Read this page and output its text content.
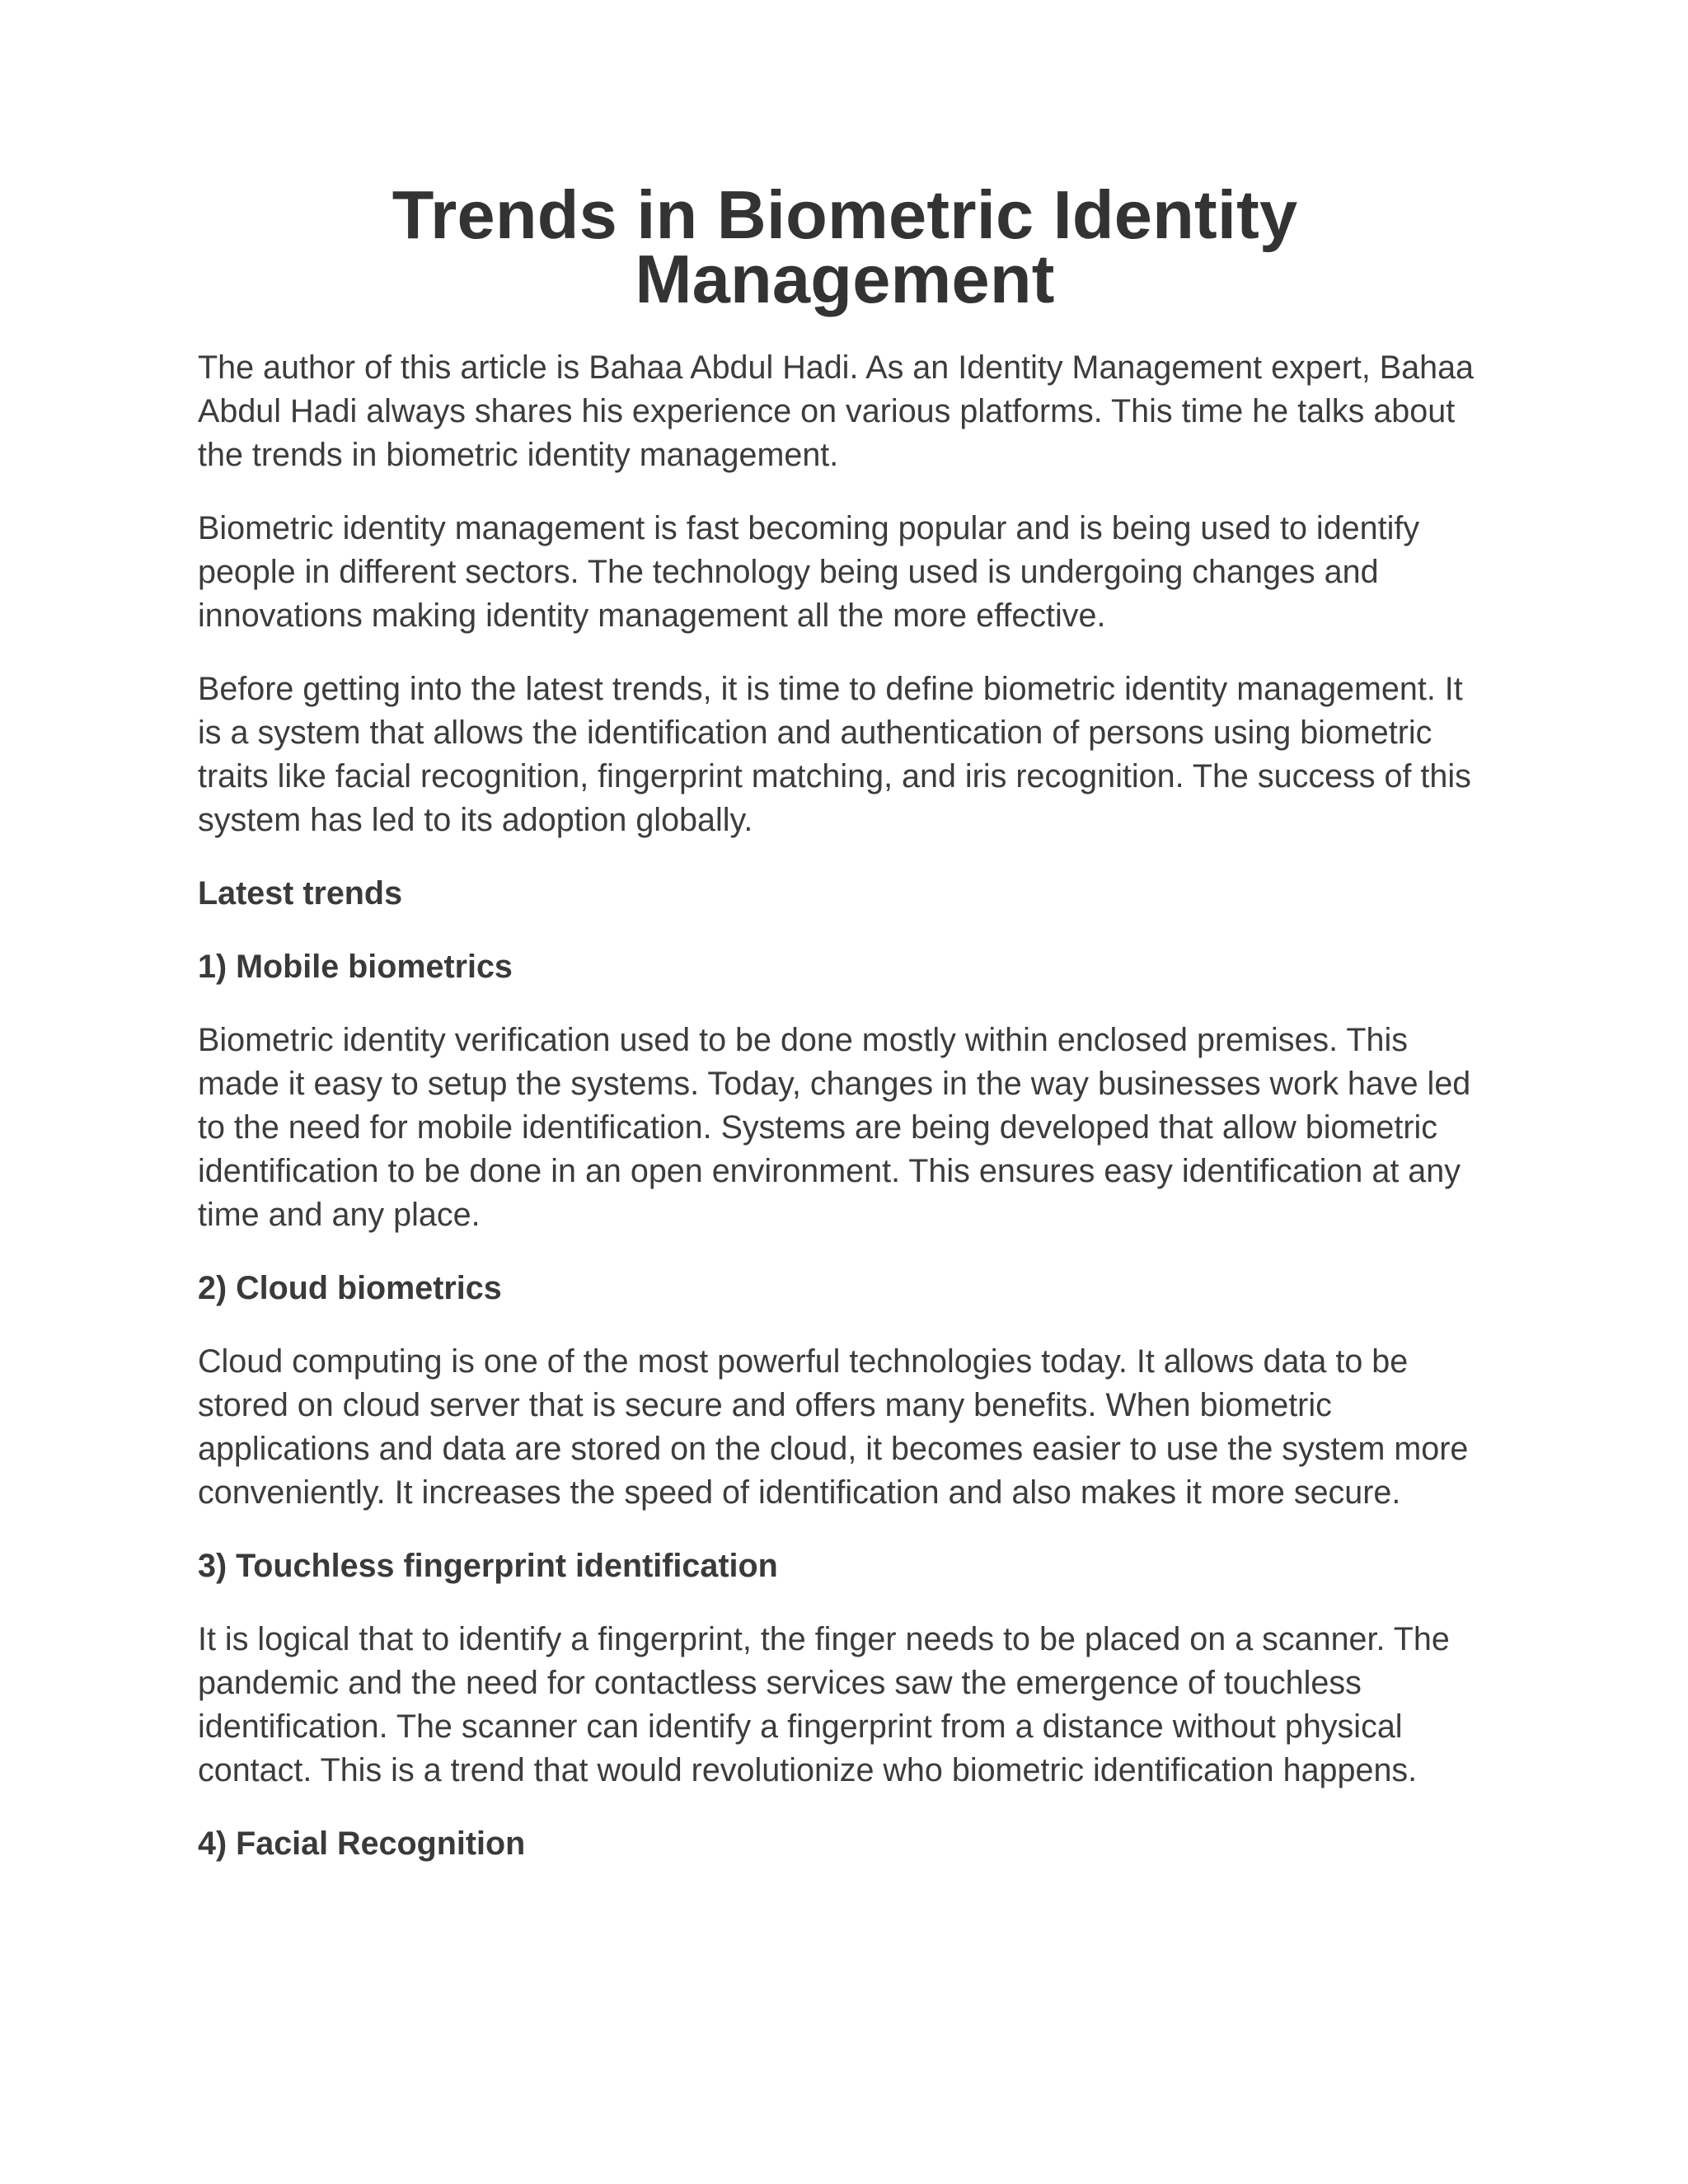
Trends in Biometric Identity Management

The author of this article is Bahaa Abdul Hadi. As an Identity Management expert, Bahaa Abdul Hadi always shares his experience on various platforms. This time he talks about the trends in biometric identity management.

Biometric identity management is fast becoming popular and is being used to identify people in different sectors. The technology being used is undergoing changes and innovations making identity management all the more effective.

Before getting into the latest trends, it is time to define biometric identity management. It is a system that allows the identification and authentication of persons using biometric traits like facial recognition, fingerprint matching, and iris recognition. The success of this system has led to its adoption globally.

Latest trends

1) Mobile biometrics

Biometric identity verification used to be done mostly within enclosed premises. This made it easy to setup the systems. Today, changes in the way businesses work have led to the need for mobile identification. Systems are being developed that allow biometric identification to be done in an open environment. This ensures easy identification at any time and any place.

2) Cloud biometrics

Cloud computing is one of the most powerful technologies today. It allows data to be stored on cloud server that is secure and offers many benefits. When biometric applications and data are stored on the cloud, it becomes easier to use the system more conveniently. It increases the speed of identification and also makes it more secure.

3) Touchless fingerprint identification

It is logical that to identify a fingerprint, the finger needs to be placed on a scanner. The pandemic and the need for contactless services saw the emergence of touchless identification. The scanner can identify a fingerprint from a distance without physical contact. This is a trend that would revolutionize who biometric identification happens.

4) Facial Recognition
